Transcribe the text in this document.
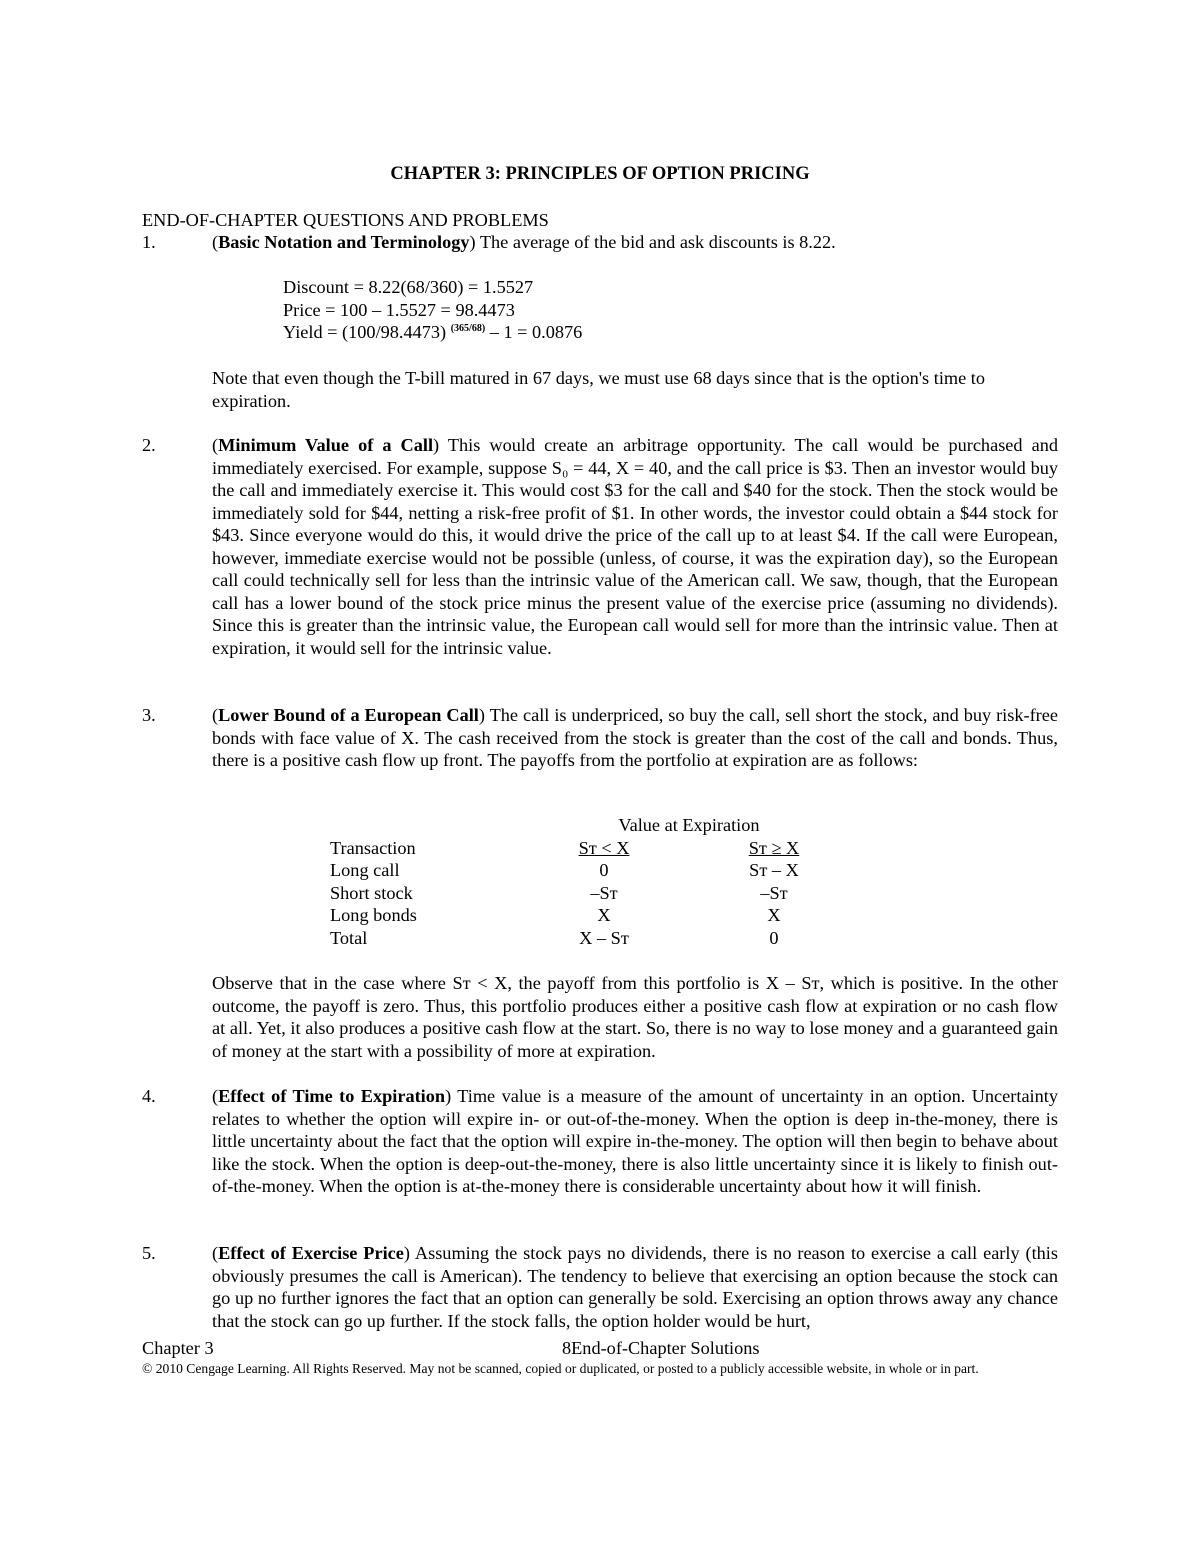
CHAPTER 3: PRINCIPLES OF OPTION PRICING
END-OF-CHAPTER QUESTIONS AND PROBLEMS
1.	(Basic Notation and Terminology) The average of the bid and ask discounts is 8.22.
Discount = 8.22(68/360) = 1.5527
Price = 100 – 1.5527 = 98.4473
Yield = (100/98.4473) $^{(365/68)}$ – 1 = 0.0876
Note that even though the T-bill matured in 67 days, we must use 68 days since that is the option's time to expiration.
2.	(Minimum Value of a Call) This would create an arbitrage opportunity. The call would be purchased and immediately exercised. For example, suppose S₀ = 44, X = 40, and the call price is $3. Then an investor would buy the call and immediately exercise it. This would cost $3 for the call and $40 for the stock. Then the stock would be immediately sold for $44, netting a risk-free profit of $1. In other words, the investor could obtain a $44 stock for $43. Since everyone would do this, it would drive the price of the call up to at least $4. If the call were European, however, immediate exercise would not be possible (unless, of course, it was the expiration day), so the European call could technically sell for less than the intrinsic value of the American call. We saw, though, that the European call has a lower bound of the stock price minus the present value of the exercise price (assuming no dividends). Since this is greater than the intrinsic value, the European call would sell for more than the intrinsic value. Then at expiration, it would sell for the intrinsic value.
3.	(Lower Bound of a European Call) The call is underpriced, so buy the call, sell short the stock, and buy risk-free bonds with face value of X. The cash received from the stock is greater than the cost of the call and bonds. Thus, there is a positive cash flow up front. The payoffs from the portfolio at expiration are as follows:
	Value at Expiration	
Transaction	Sᴛ < X	Sᴛ ≥ X
Long call	0	Sᴛ – X
Short stock	–Sᴛ	–Sᴛ
Long bonds	X	X
Total	X – Sᴛ	0
Observe that in the case where Sᴛ < X, the payoff from this portfolio is X – Sᴛ, which is positive. In the other outcome, the payoff is zero. Thus, this portfolio produces either a positive cash flow at expiration or no cash flow at all. Yet, it also produces a positive cash flow at the start. So, there is no way to lose money and a guaranteed gain of money at the start with a possibility of more at expiration.
4.	(Effect of Time to Expiration) Time value is a measure of the amount of uncertainty in an option. Uncertainty relates to whether the option will expire in- or out-of-the-money. When the option is deep in-the-money, there is little uncertainty about the fact that the option will expire in-the-money. The option will then begin to behave about like the stock. When the option is deep-out-the-money, there is also little uncertainty since it is likely to finish out-of-the-money. When the option is at-the-money there is considerable uncertainty about how it will finish.
5.	(Effect of Exercise Price) Assuming the stock pays no dividends, there is no reason to exercise a call early (this obviously presumes the call is American). The tendency to believe that exercising an option because the stock can go up no further ignores the fact that an option can generally be sold. Exercising an option throws away any chance that the stock can go up further. If the stock falls, the option holder would be hurt,
Chapter 3	8End-of-Chapter Solutions
© 2010 Cengage Learning. All Rights Reserved. May not be scanned, copied or duplicated, or posted to a publicly accessible website, in whole or in part.
